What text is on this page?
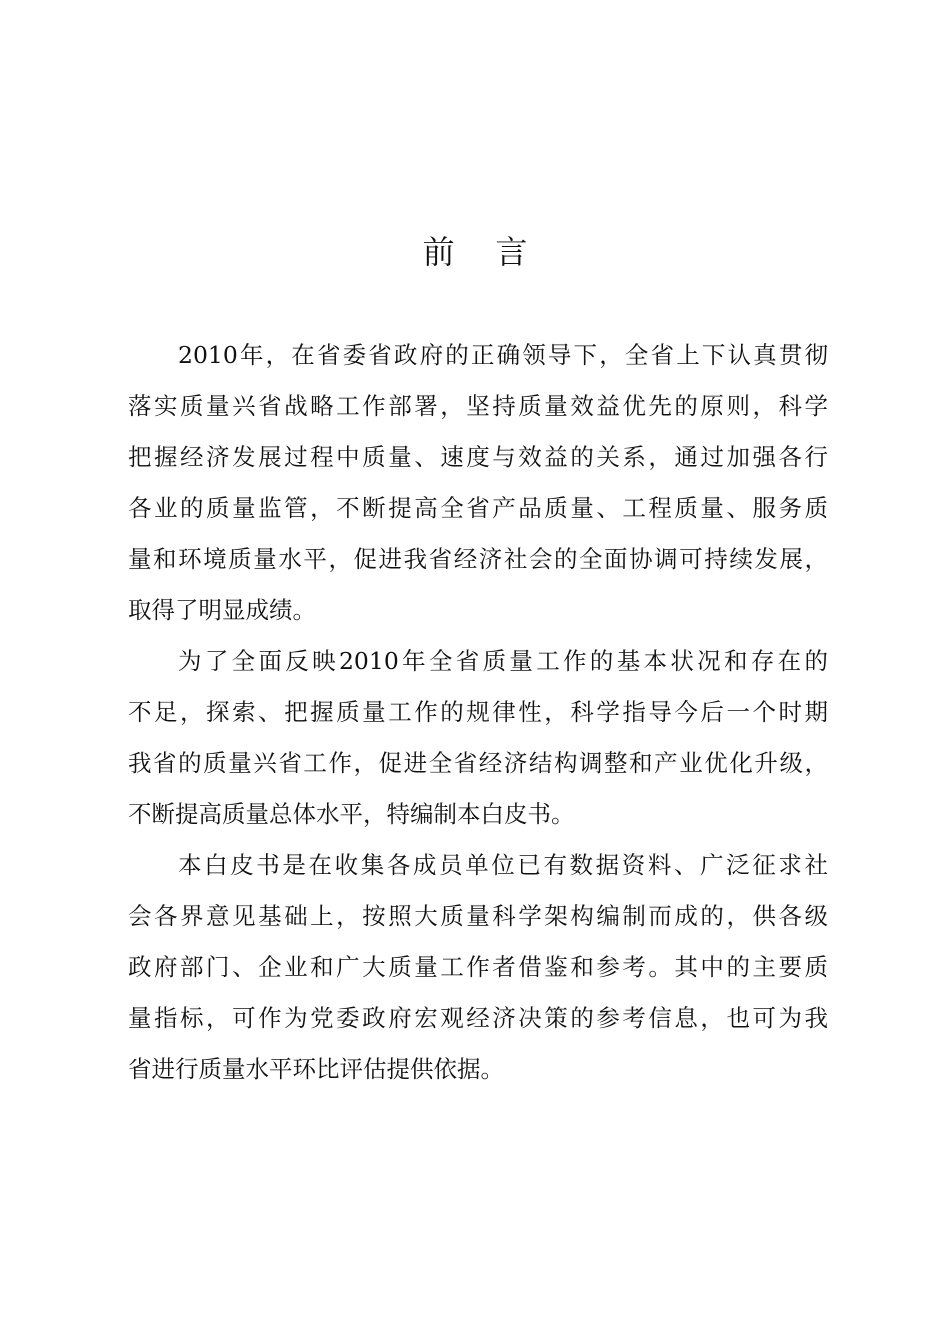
前    言
2010年，在省委省政府的正确领导下，全省上下认真贯彻
落实质量兴省战略工作部署，坚持质量效益优先的原则，科学
把握经济发展过程中质量、速度与效益的关系，通过加强各行
各业的质量监管，不断提高全省产品质量、工程质量、服务质
量和环境质量水平，促进我省经济社会的全面协调可持续发展，
取得了明显成绩。
为了全面反映2010年全省质量工作的基本状况和存在的
不足，探索、把握质量工作的规律性，科学指导今后一个时期
我省的质量兴省工作，促进全省经济结构调整和产业优化升级，
不断提高质量总体水平，特编制本白皮书。
本白皮书是在收集各成员单位已有数据资料、广泛征求社
会各界意见基础上，按照大质量科学架构编制而成的，供各级
政府部门、企业和广大质量工作者借鉴和参考。其中的主要质
量指标，可作为党委政府宏观经济决策的参考信息，也可为我
省进行质量水平环比评估提供依据。
